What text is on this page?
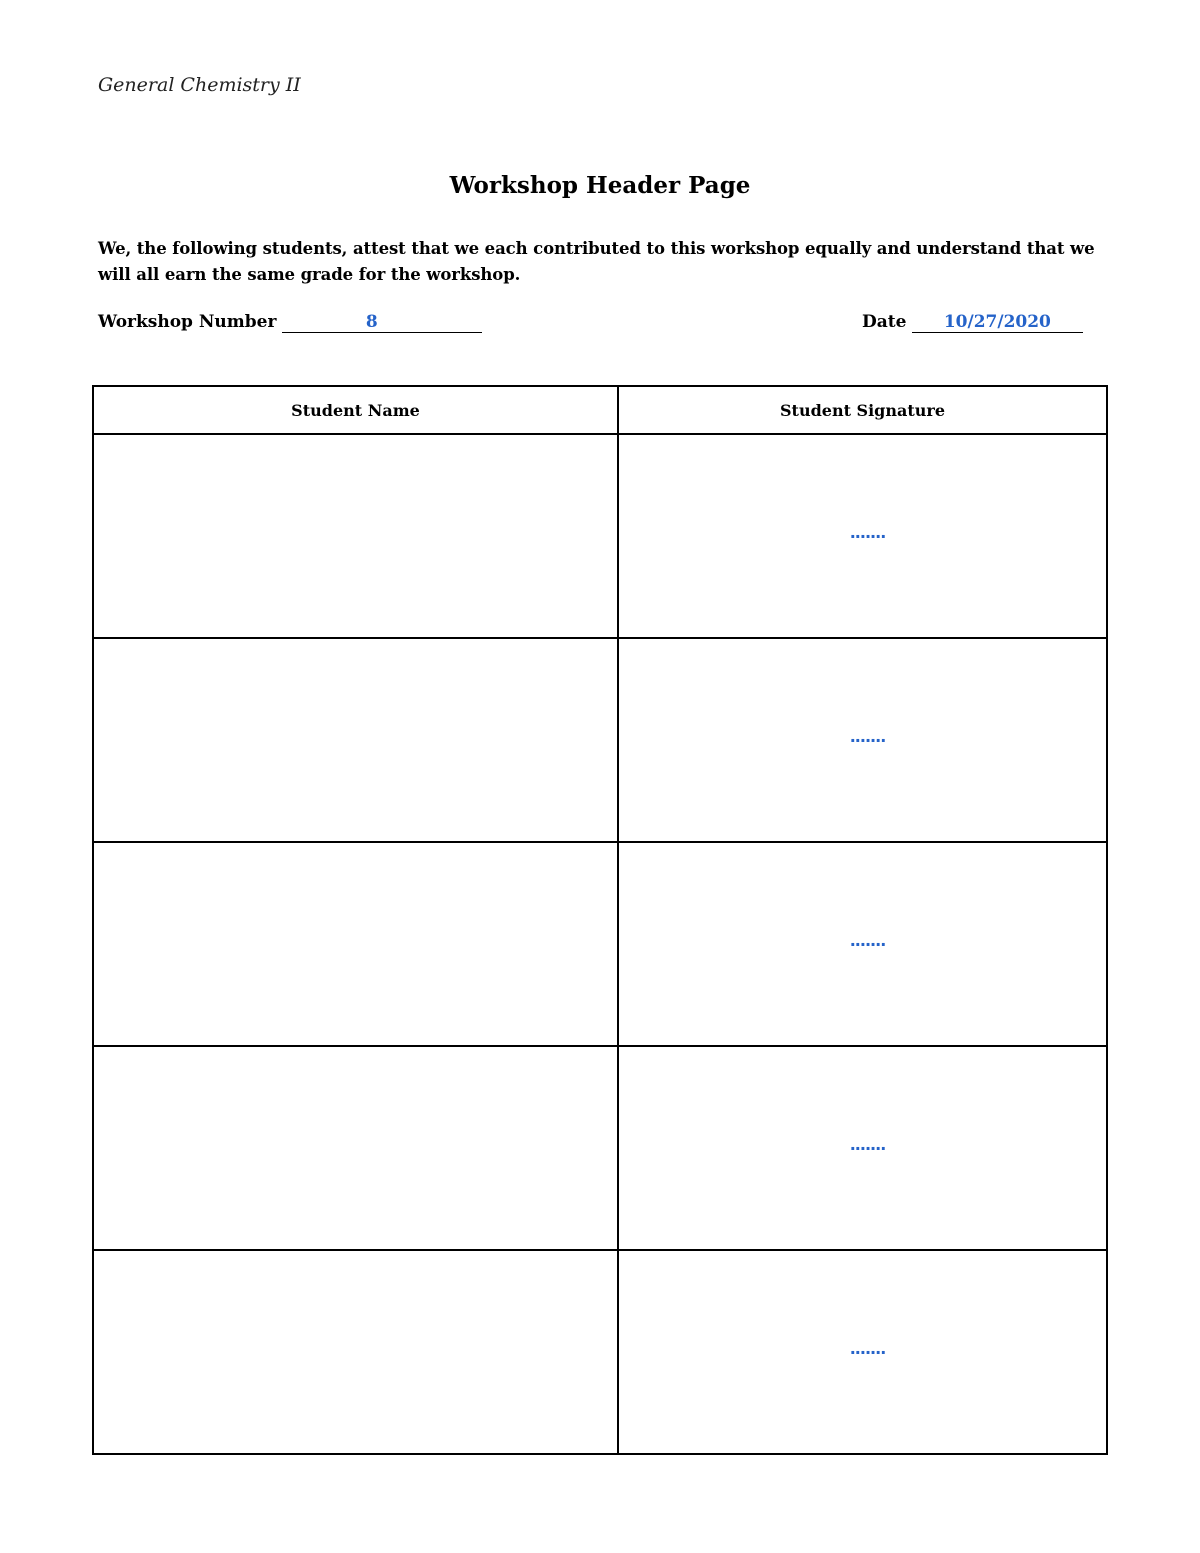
General Chemistry II
Workshop Header Page
We, the following students, attest that we each contributed to this workshop equally and understand that we will all earn the same grade for the workshop.
Workshop Number	8	Date 10/27/2020
Student Name	Student Signature
	·······
	·······
	·······
	·······
	·······
